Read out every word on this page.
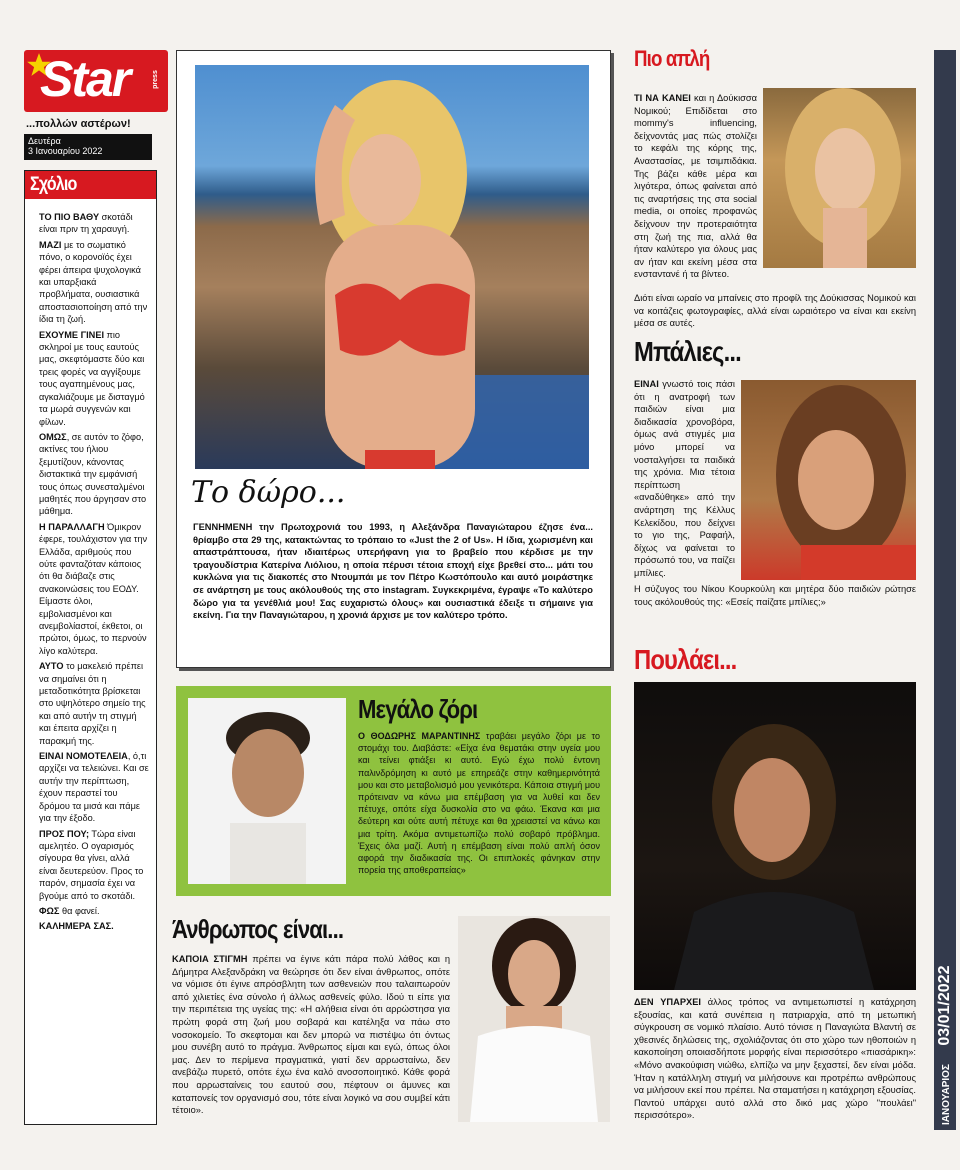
Star	press
...πολλών αστέρων!
Δευτέρα
3 Ιανουαρίου 2022
Σχόλιο

ΤΟ ΠΙΟ ΒΑΘΥ σκοτάδι είναι πριν τη χαραυγή.

ΜΑΖΙ με το σωματικό πόνο, ο κορονοϊός έχει φέρει άπειρα ψυχολογικά και υπαρξιακά προβλήματα, ουσιαστικά αποστασιοποίηση από την ίδια τη ζωή.

ΕΧΟΥΜΕ ΓΙΝΕΙ πιο σκληροί με τους εαυτούς μας, σκεφτόμαστε δύο και τρεις φορές να αγγίξουμε τους αγαπημένους μας, αγκαλιάζουμε με δισταγμό τα μωρά συγγενών και φίλων.

ΟΜΩΣ, σε αυτόν το ζόφο, ακτίνες του ήλιου ξεμυτίζουν, κάνοντας διστακτικά την εμφάνισή τους όπως συνεσταλμένοι μαθητές που άργησαν στο μάθημα.

Η ΠΑΡΑΛΛΑΓΗ Όμικρον έφερε, τουλάχιστον για την Ελλάδα, αριθμούς που ούτε φανταζόταν κάποιος ότι θα διάβαζε στις ανακοινώσεις του ΕΟΔΥ. Είμαστε όλοι, εμβολιασμένοι και ανεμβολίαστοί, έκθετοι, οι πρώτοι, όμως, το περνούν λίγο καλύτερα.

ΑΥΤΟ το μακελειό πρέπει να σημαίνει ότι η μεταδοτικότητα βρίσκεται στο υψηλότερο σημείο της και από αυτήν τη στιγμή και έπειτα αρχίζει η παρακμή της.

ΕΙΝΑΙ ΝΟΜΟΤΕΛΕΙΑ, ό,τι αρχίζει να τελειώνει. Και σε αυτήν την περίπτωση, έχουν περαστεί του δρόμου τα μισά και πάμε για την έξοδο.

ΠΡΟΣ ΠΟΥ; Τώρα είναι αμελητέο. Ο ογαρισμός σίγουρα θα γίνει, αλλά είναι δευτερεύον. Προς το παρόν, σημασία έχει να βγούμε από το σκοτάδι.

ΦΩΣ θα φανεί.

ΚΑΛΗΜΕΡΑ ΣΑΣ.

Το δώρο...
ΓΕΝΝΗΜΕΝΗ την Πρωτοχρονιά του 1993, η Αλεξάνδρα Παναγιώταρου έζησε ένα... θρίαμβο στα 29 της, κατακτώντας το τρόπαιο το «Just the 2 of Us». Η ίδια, χωρισμένη και απαστράπτουσα, ήταν ιδιαιτέρως υπερήφανη για το βραβείο που κέρδισε με την τραγουδίστρια Κατερίνα Λιόλιου, η οποία πέρυσι τέτοια εποχή είχε βρεθεί στο... μάτι του κυκλώνα για τις διακοπές στο Ντουμπάι με τον Πέτρο Κωστόπουλο και αυτό μοιράστηκε σε ανάρτηση με τους ακόλουθούς της στο instagram. Συγκεκριμένα, έγραψε «Το καλύτερο δώρο για τα γενέθλιά μου! Σας ευχαριστώ όλους» και ουσιαστικά έδειξε τι σήμαινε για εκείνη. Για την Παναγιώταρου, η χρονιά άρχισε με τον καλύτερο τρόπο.
Πιο απλή
ΤΙ ΝΑ ΚΑΝΕΙ και η Δούκισσα Νομικού; Επιδίδεται στο mommy's influencing, δείχνοντάς μας πώς στολίζει το κεφάλι της κόρης της, Αναστασίας, με τσιμπιδάκια. Της βάζει κάθε μέρα και λιγότερα, όπως φαίνεται από τις αναρτήσεις της στα social media, οι οποίες προφανώς δείχνουν την προτεραιότητα στη ζωή της πια, αλλά θα ήταν καλύτερο για όλους μας αν ήταν και εκείνη μέσα στα ενσταντανέ ή τα βίντεο.
Διότι είναι ωραίο να μπαίνεις στο προφίλ της Δούκισσας Νομικού και να κοιτάζεις φωτογραφίες, αλλά είναι ωραιότερο να είναι και εκείνη μέσα σε αυτές.
Μπάλιες...
ΕΙΝΑΙ γνωστό τοις πάσι ότι η ανατροφή των παιδιών είναι μια διαδικασία χρονοβόρα, όμως ανά στιγμές μια μόνο μπορεί να νοσταλγήσει τα παιδικά της χρόνια. Μια τέτοια περίπτωση «αναδύθηκε» από την ανάρτηση της Κέλλυς Κελεκίδου, που δείχνει το γιο της, Ραφαήλ, δίχως να φαίνεται το πρόσωπό του, να παίζει μπίλιες.
Η σύζυγος του Νίκου Κουρκούλη και μητέρα δύο παιδιών ρώτησε τους ακόλουθούς της: «Εσείς παίζατε μπίλιες;»
Μεγάλο ζόρι
Ο ΘΟΔΩΡΗΣ ΜΑΡΑΝΤΙΝΗΣ τραβάει μεγάλο ζόρι με το στομάχι του. Διαβάστε: «Είχα ένα θεματάκι στην υγεία μου και τείνει φτιάξει κι αυτό. Εγώ έχω πολύ έντονη παλινδρόμηση κι αυτό με επηρεάζε στην καθημερινότητά μου και στο μεταβολισμό μου γενικότερα. Κάποια στιγμή μου πρότειναν να κάνω μια επέμβαση για να λυθεί και δεν πέτυχε, οπότε είχα δυσκολία στο να φάω. Έκανα και μια δεύτερη και ούτε αυτή πέτυχε και θα χρειαστεί να κάνω και μια τρίτη. Ακόμα αντιμετωπίζω πολύ σοβαρό πρόβλημα. Έχεις όλα μαζί. Αυτή η επέμβαση είναι πολύ απλή όσον αφορά την διαδικασία της. Οι επιπλοκές φάνηκαν στην πορεία της αποθεραπείας»
Άνθρωπος είναι...
ΚΑΠΟΙΑ ΣΤΙΓΜΗ πρέπει να έγινε κάτι πάρα πολύ λάθος και η Δήμητρα Αλεξανδράκη να θεώρησε ότι δεν είναι άνθρωπος, οπότε να νόμισε ότι έγινε απρόσβλητη των ασθενειών που ταλαιπωρούν από χιλιετίες ένα σύνολο ή άλλως ασθενείς φύλο. Ιδού τι είπε για την περιπέτεια της υγείας της: «Η αλήθεια είναι ότι αρρώστησα για πρώτη φορά στη ζωή μου σοβαρά και κατέληξα να πάω στο νοσοκομείο. Το σκεφτομαι και δεν μπορώ να πιστέψω ότι όντως μου συνέβη αυτό το πράγμα. Άνθρωπος είμαι και εγώ, όπως όλοι μας. Δεν το περίμενα πραγματικά, γιατί δεν αρρωσταίνω, δεν ανεβάζω πυρετό, οπότε έχω ένα καλό ανοσοποιητικό. Κάθε φορά που αρρωσταίνεις του εαυτού σου, πέφτουν οι άμυνες και καταπονείς τον οργανισμό σου, τότε είναι λογικό να σου συμβεί κάτι τέτοιο».
Πουλάει...
ΔΕΝ ΥΠΑΡΧΕΙ άλλος τρόπος να αντιμετωπιστεί η κατάχρηση εξουσίας, και κατά συνέπεια η πατριαρχία, από τη μετωπική σύγκρουση σε νομικό πλαίσιο. Αυτό τόνισε η Παναγιώτα Βλαντή σε χθεσινές δηλώσεις της, σχολιάζοντας ότι στο χώρο των ηθοποιών η κακοποίηση οποιασδήποτε μορφής είναι περισσότερο «πιασάρικη»: «Μόνο ανακούφιση νιώθω, ελπίζω να μην ξεχαστεί, δεν είναι μόδα. Ήταν η κατάλληλη στιγμή να μιλήσουνε και προτρέπω ανθρώπους να μιλήσουν εκεί που πρέπει. Να σταματήσει η κατάχρηση εξουσίας. Παντού υπάρχει αυτό αλλά στο δικό μας χώρο "πουλάει" περισσότερο».	ΙΑΝΟΥΑΡΙΟΣ 03/01/2022
